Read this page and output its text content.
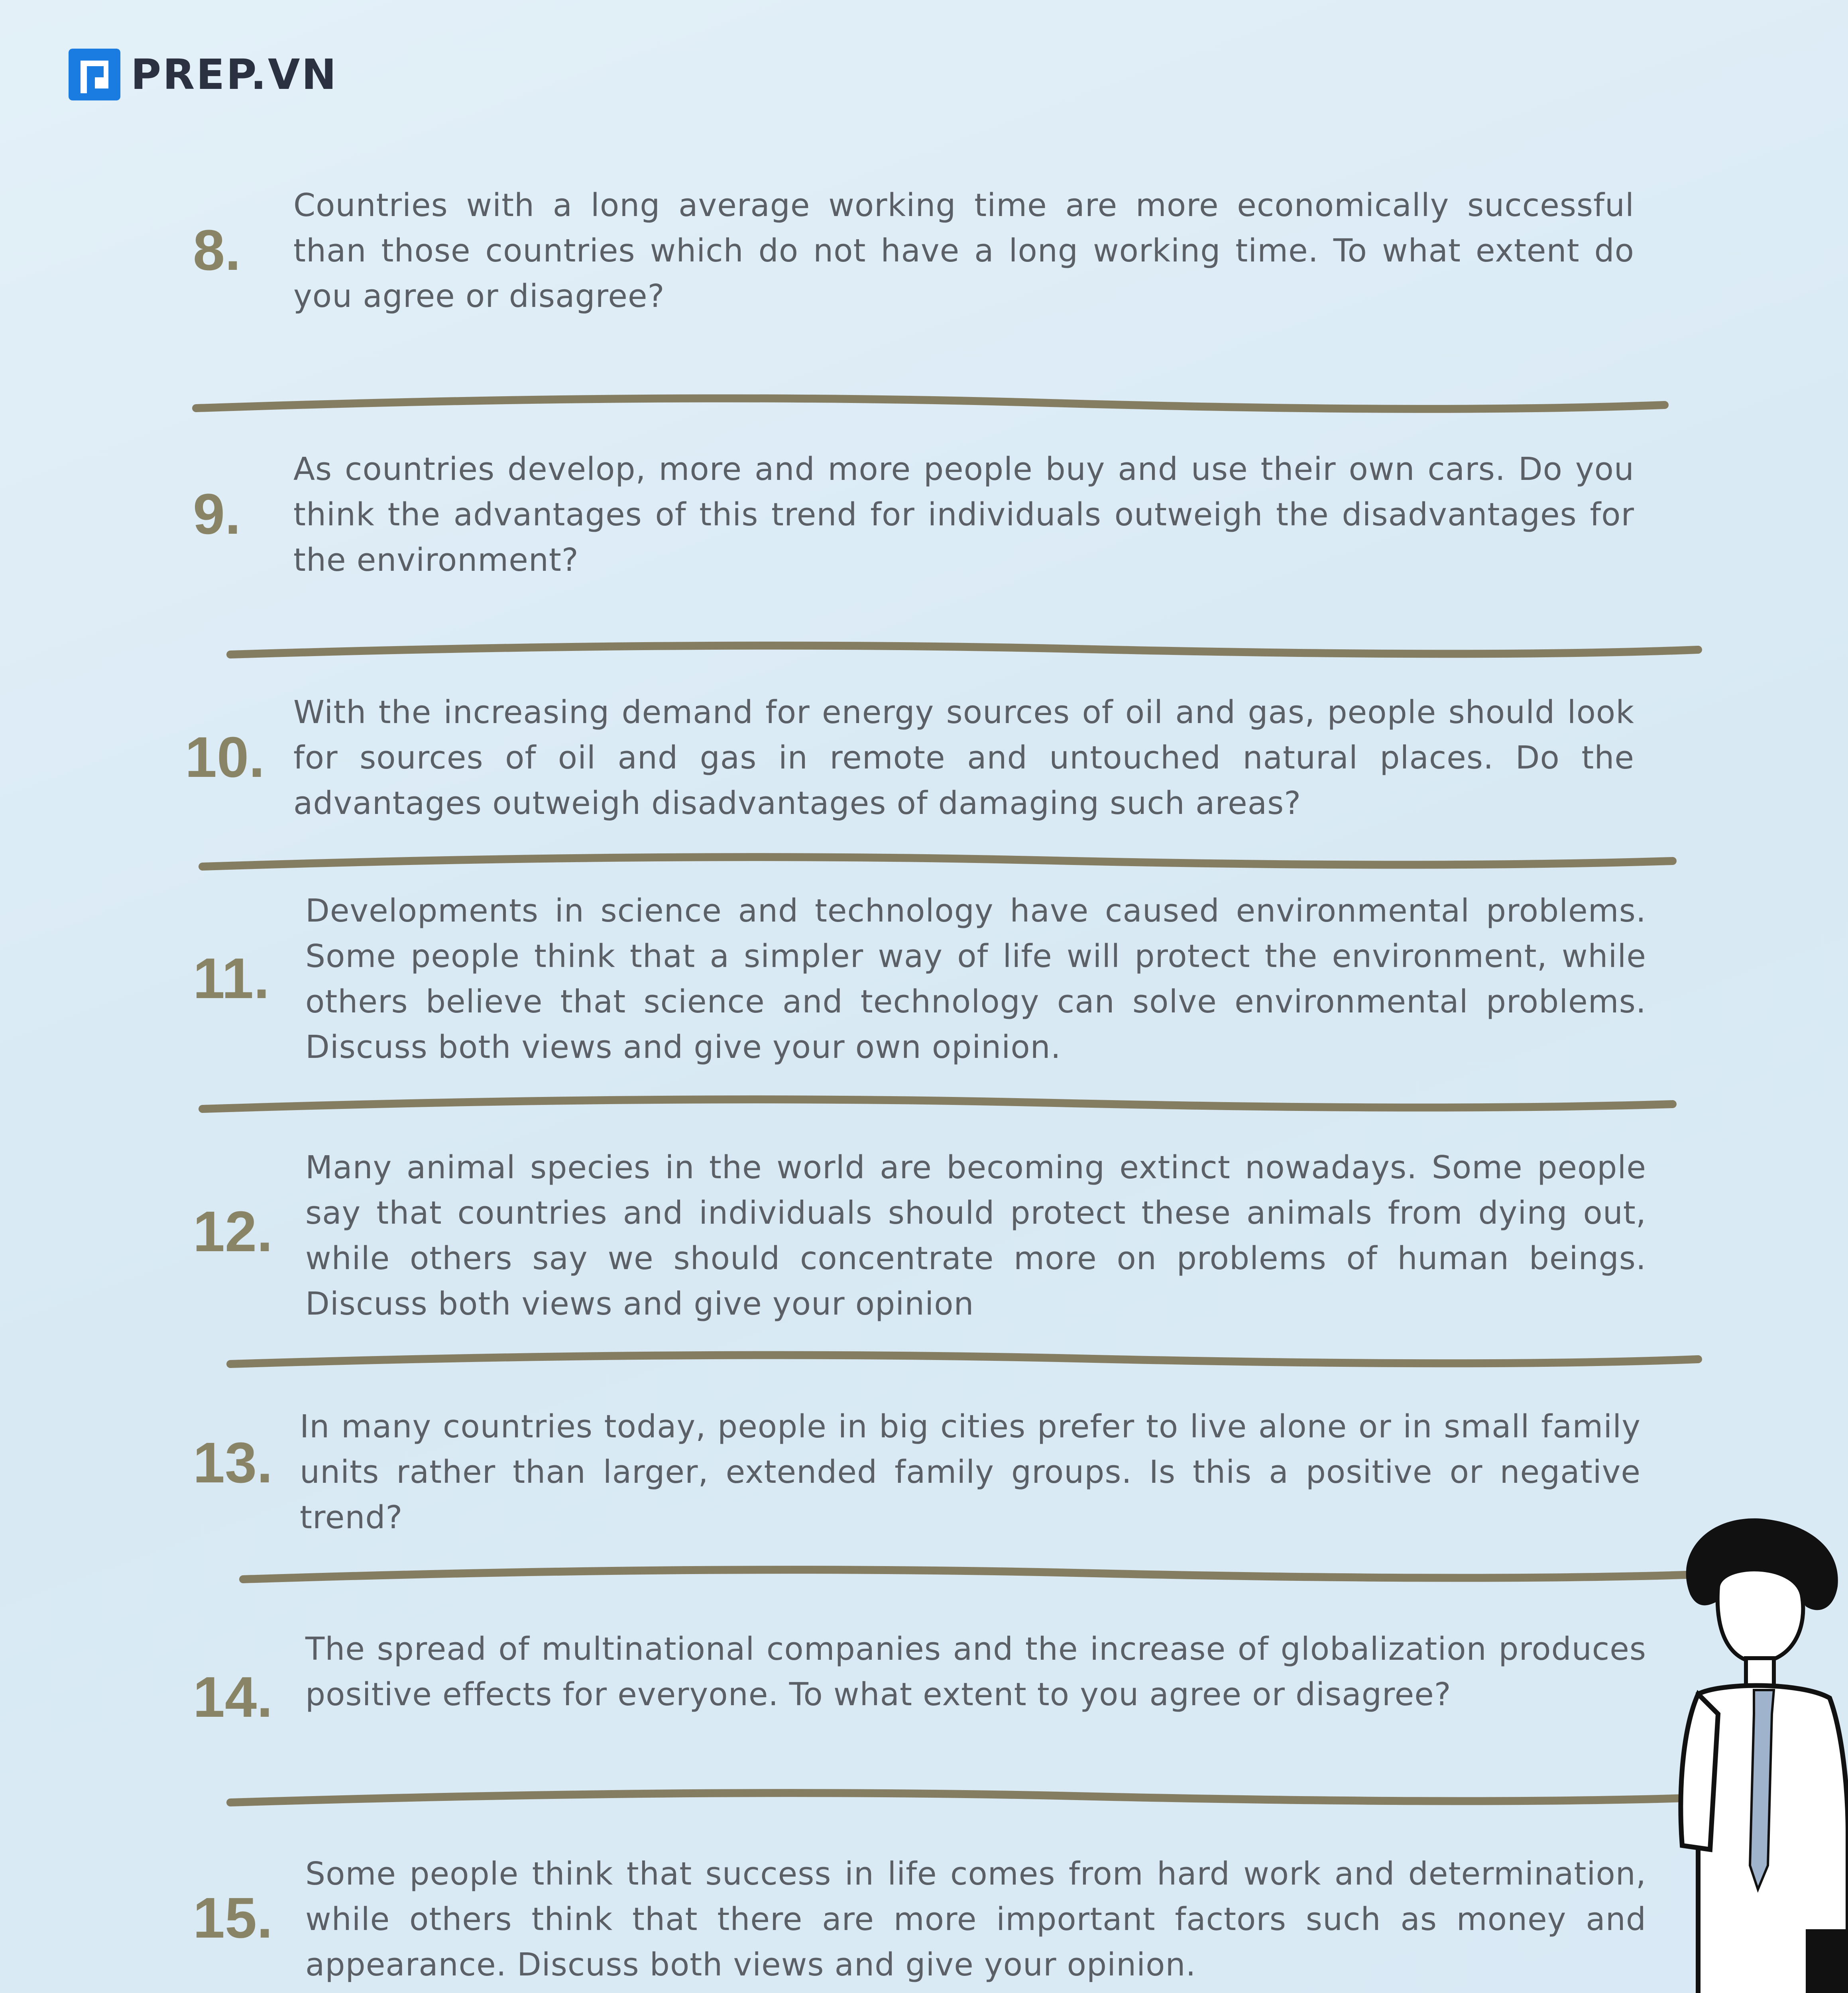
PREP.VN
8.
Countries with a long average working time are more economically successful than those countries which do not have a long working time. To what extent do you agree or disagree?
9.
As countries develop, more and more people buy and use their own cars. Do you think the advantages of this trend for individuals outweigh the disadvantages for the environment?
10.
With the increasing demand for energy sources of oil and gas, people should look for sources of oil and gas in remote and untouched natural places. Do the advantages outweigh disadvantages of damaging such areas?
11.
Developments in science and technology have caused environmental problems. Some people think that a simpler way of life will protect the environment, while others believe that science and technology can solve environmental problems. Discuss both views and give your own opinion.
12.
Many animal species in the world are becoming extinct nowadays. Some people say that countries and individuals should protect these animals from dying out, while others say we should concentrate more on problems of human beings. Discuss both views and give your opinion
13.
In many countries today, people in big cities prefer to live alone or in small family units rather than larger, extended family groups. Is this a positive or negative trend?
14.
The spread of multinational companies and the increase of globalization produces positive effects for everyone. To what extent to you agree or disagree?
15.
Some people think that success in life comes from hard work and determination, while others think that there are more important factors such as money and appearance. Discuss both views and give your opinion.
